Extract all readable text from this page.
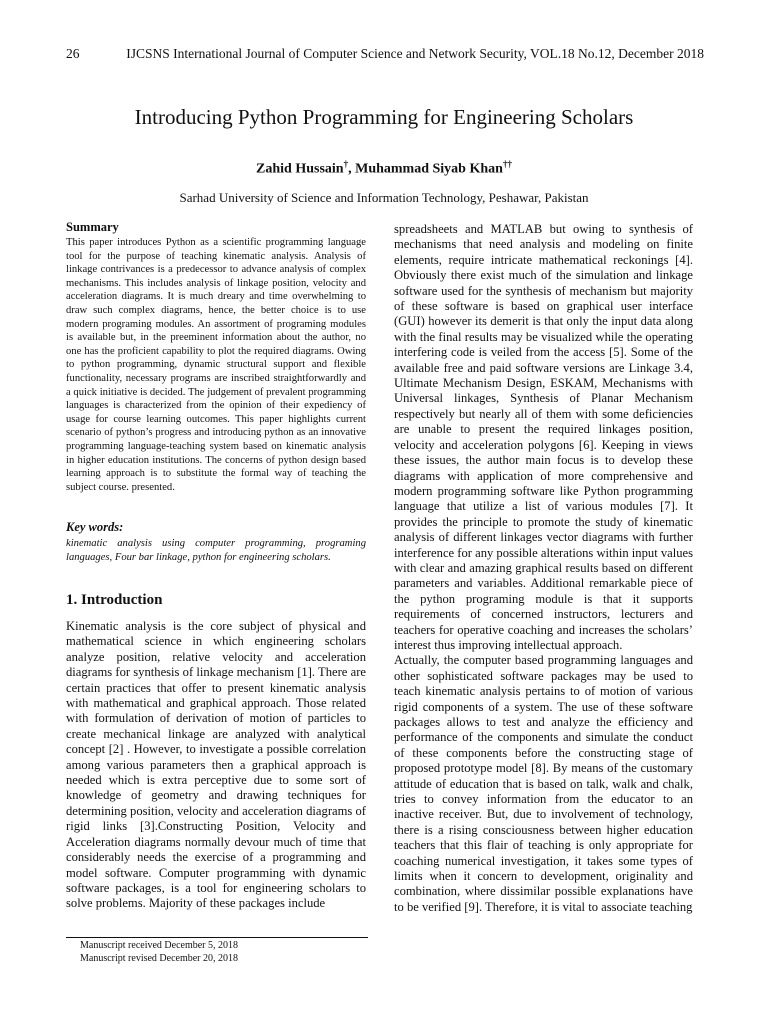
26	IJCSNS International Journal of Computer Science and Network Security, VOL.18 No.12, December 2018
Introducing Python Programming for Engineering Scholars
Zahid Hussain†, Muhammad Siyab Khan††
Sarhad University of Science and Information Technology, Peshawar, Pakistan
Summary

This paper introduces Python as a scientific programming language tool for the purpose of teaching kinematic analysis. Analysis of linkage contrivances is a predecessor to advance analysis of complex mechanisms. This includes analysis of linkage position, velocity and acceleration diagrams. It is much dreary and time overwhelming to draw such complex diagrams, hence, the better choice is to use modern programing modules. An assortment of programing modules is available but, in the preeminent information about the author, no one has the proficient capability to plot the required diagrams. Owing to python programming, dynamic structural support and flexible functionality, necessary programs are inscribed straightforwardly and a quick initiative is decided. The judgement of prevalent programming languages is characterized from the opinion of their expediency of usage for course learning outcomes. This paper highlights current scenario of python’s progress and introducing python as an innovative programming language-teaching system based on kinematic analysis in higher education institutions. The concerns of python design based learning approach is to substitute the formal way of teaching the subject course. presented.

Key words:
kinematic analysis using computer programming, programing languages, Four bar linkage, python for engineering scholars.
1. Introduction

Kinematic analysis is the core subject of physical and mathematical science in which engineering scholars analyze position, relative velocity and acceleration diagrams for synthesis of linkage mechanism [1]. There are certain practices that offer to present kinematic analysis with mathematical and graphical approach. Those related with formulation of derivation of motion of particles to create mechanical linkage are analyzed with analytical concept [2] . However, to investigate a possible correlation among various parameters then a graphical approach is needed which is extra perceptive due to some sort of knowledge of geometry and drawing techniques for determining position, velocity and acceleration diagrams of rigid links [3].Constructing Position, Velocity and Acceleration diagrams normally devour much of time that considerably needs the exercise of a programming and model software. Computer programming with dynamic software packages, is a tool for engineering scholars to solve problems. Majority of these packages include

spreadsheets and MATLAB but owing to synthesis of mechanisms that need analysis and modeling on finite elements, require intricate mathematical reckonings [4]. Obviously there exist much of the simulation and linkage software used for the synthesis of mechanism but majority of these software is based on graphical user interface (GUI) however its demerit is that only the input data along with the final results may be visualized while the operating interfering code is veiled from the access [5]. Some of the available free and paid software versions are Linkage 3.4, Ultimate Mechanism Design, ESKAM, Mechanisms with Universal linkages, Synthesis of Planar Mechanism respectively but nearly all of them with some deficiencies are unable to present the required linkages position, velocity and acceleration polygons [6]. Keeping in views these issues, the author main focus is to develop these diagrams with application of more comprehensive and modern programming software like Python programming language that utilize a list of various modules [7]. It provides the principle to promote the study of kinematic analysis of different linkages vector diagrams with further interference for any possible alterations within input values with clear and amazing graphical results based on different parameters and variables. Additional remarkable piece of the python programing module is that it supports requirements of concerned instructors, lecturers and teachers for operative coaching and increases the scholars’ interest thus improving intellectual approach.

Actually, the computer based programming languages and other sophisticated software packages may be used to teach kinematic analysis pertains to of motion of various rigid components of a system. The use of these software packages allows to test and analyze the efficiency and performance of the components and simulate the conduct of these components before the constructing stage of proposed prototype model [8]. By means of the customary attitude of education that is based on talk, walk and chalk, tries to convey information from the educator to an inactive receiver. But, due to involvement of technology, there is a rising consciousness between higher education teachers that this flair of teaching is only appropriate for coaching numerical investigation, it takes some types of limits when it concern to development, originality and combination, where dissimilar possible explanations have to be verified [9]. Therefore, it is vital to associate teaching

Manuscript received December 5, 2018
Manuscript revised December 20, 2018
